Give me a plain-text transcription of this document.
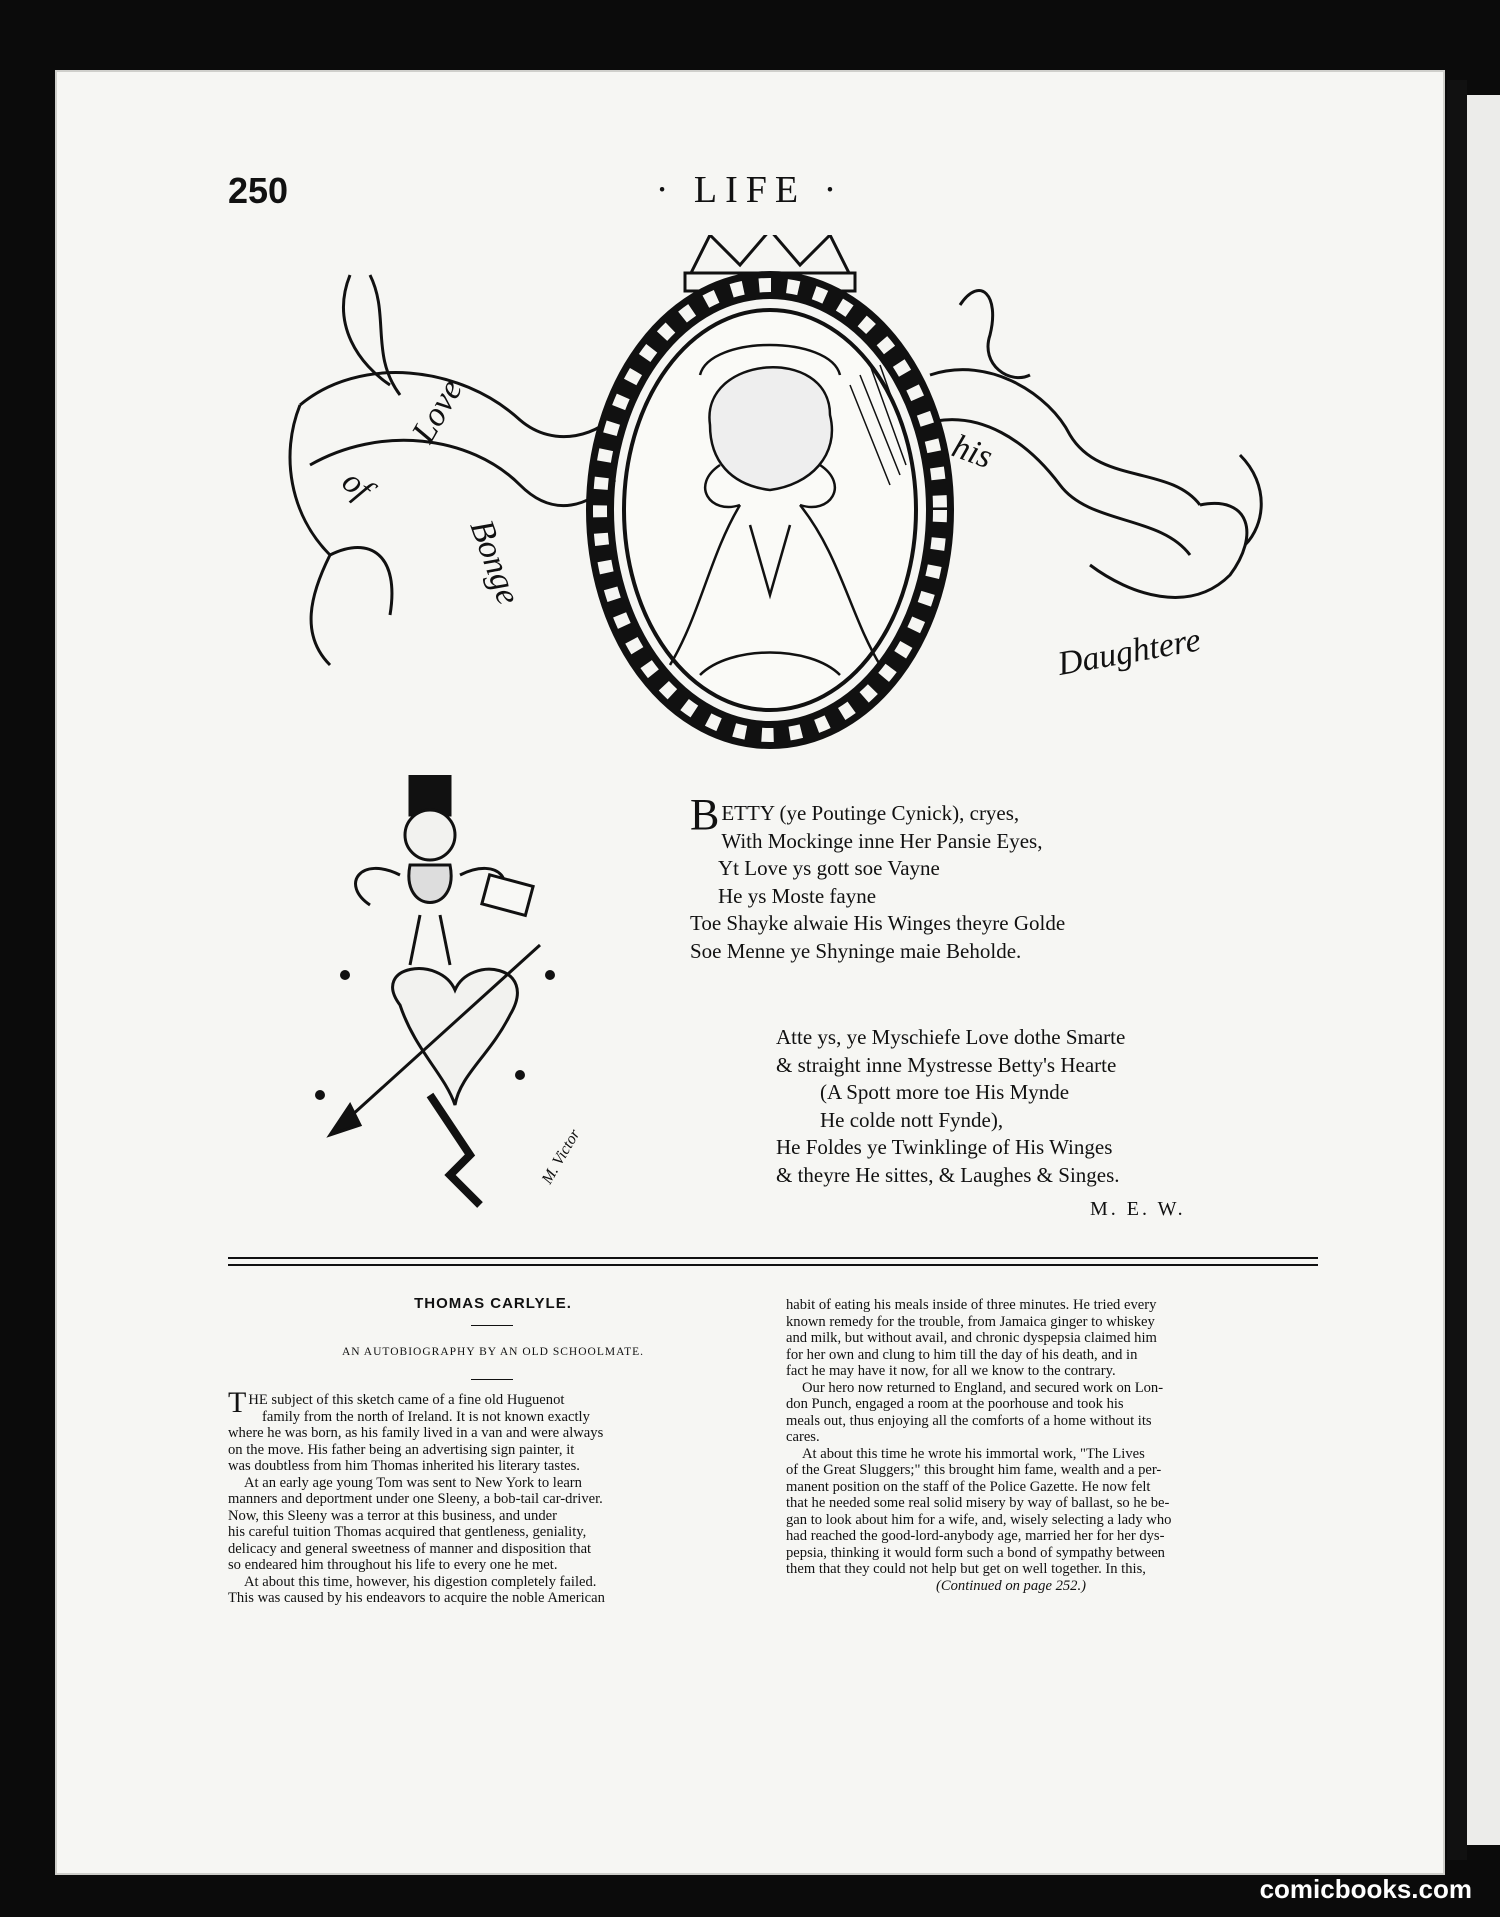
250	· LIFE ·
of
Love
Bonge
his
Daughtere
M. Victor
BETTY (ye Poutinge Cynick), cryes,
With Mockinge inne Her Pansie Eyes,
Yt Love ys gott soe Vayne
He ys Moste fayne
Toe Shayke alwaie His Winges theyre Golde
Soe Menne ye Shyninge maie Beholde.
Atte ys, ye Myschiefe Love dothe Smarte
& straight inne Mystresse Betty's Hearte
(A Spott more toe His Mynde
He colde nott Fynde),
He Foldes ye Twinklinge of His Winges
& theyre He sittes, & Laughes & Singes.
M. E. W.
THOMAS CARLYLE.
AN AUTOBIOGRAPHY BY AN OLD SCHOOLMATE.
THE subject of this sketch came of a fine old Huguenot
family from the north of Ireland. It is not known exactly
where he was born, as his family lived in a van and were always
on the move. His father being an advertising sign painter, it
was doubtless from him Thomas inherited his literary tastes.
At an early age young Tom was sent to New York to learn
manners and deportment under one Sleeny, a bob-tail car-driver.
Now, this Sleeny was a terror at this business, and under
his careful tuition Thomas acquired that gentleness, geniality,
delicacy and general sweetness of manner and disposition that
so endeared him throughout his life to every one he met.
At about this time, however, his digestion completely failed.
This was caused by his endeavors to acquire the noble American
habit of eating his meals inside of three minutes. He tried every
known remedy for the trouble, from Jamaica ginger to whiskey
and milk, but without avail, and chronic dyspepsia claimed him
for her own and clung to him till the day of his death, and in
fact he may have it now, for all we know to the contrary.
Our hero now returned to England, and secured work on Lon-
don Punch, engaged a room at the poorhouse and took his
meals out, thus enjoying all the comforts of a home without its
cares.
At about this time he wrote his immortal work, "The Lives
of the Great Sluggers;" this brought him fame, wealth and a per-
manent position on the staff of the Police Gazette. He now felt
that he needed some real solid misery by way of ballast, so he be-
gan to look about him for a wife, and, wisely selecting a lady who
had reached the good-lord-anybody age, married her for her dys-
pepsia, thinking it would form such a bond of sympathy between
them that they could not help but get on well together. In this,
(Continued on page 252.)
comicbooks.com
